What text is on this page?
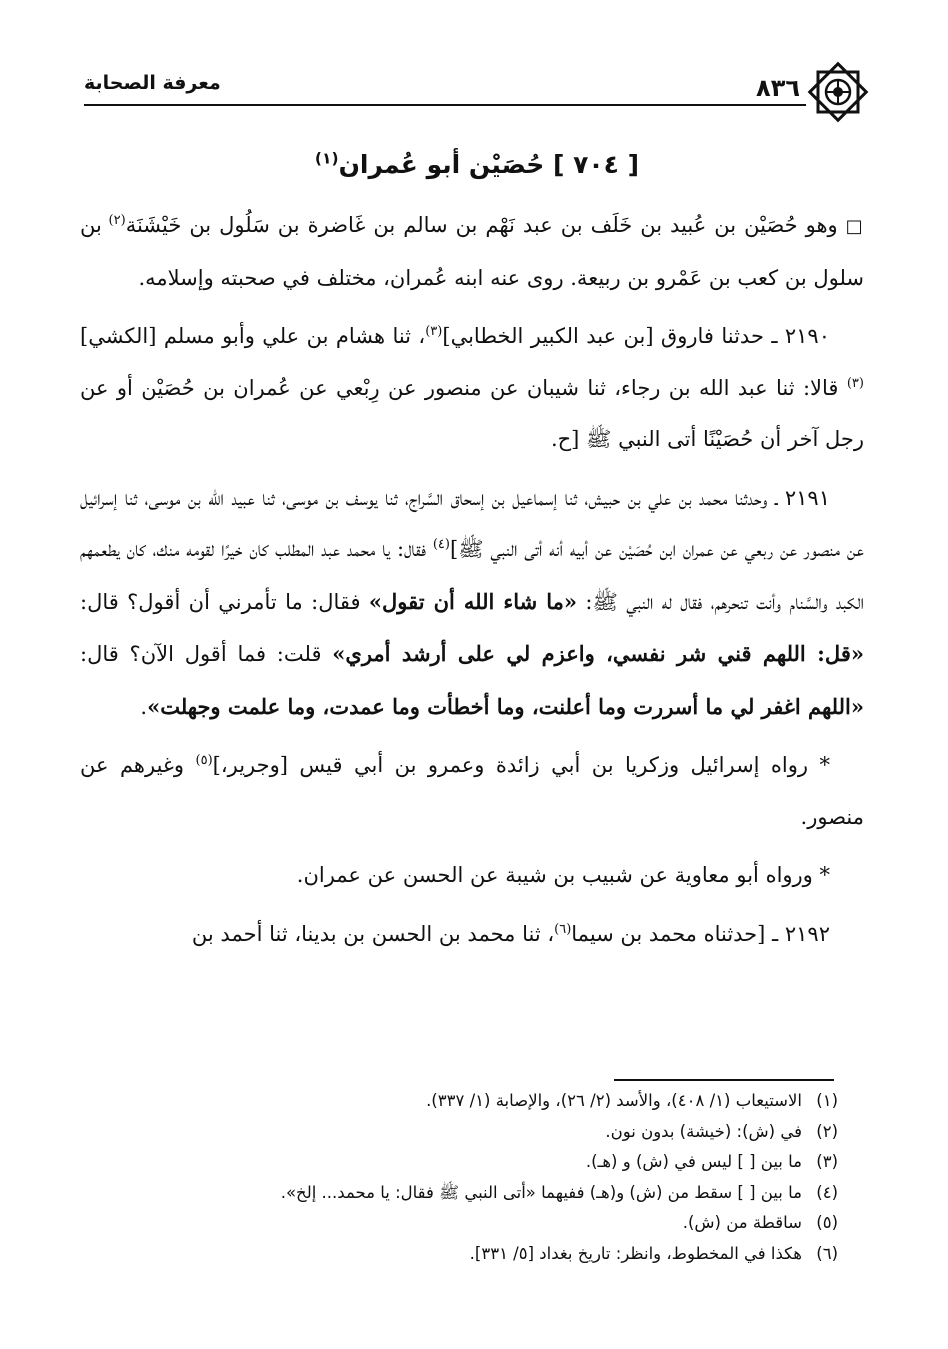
٨٣٦
معرفة الصحابة
[ ٧٠٤ ] حُصَيْن أبو عُمران$^{(١)}$

□ وهو حُصَيْن بن عُبيد بن خَلَف بن عبد نَهْم بن سالم بن غَاضرة بن سَلُول بن خَيْشَنَة$^{(٢)}$ بن سلول بن كعب بن عَمْرو بن ربيعة. روى عنه ابنه عُمران، مختلف في صحبته وإسلامه.

٢١٩٠ ـ حدثنا فاروق [بن عبد الكبير الخطابي]$^{(٣)}$، ثنا هشام بن علي وأبو مسلم [الكشي]$^{(٣)}$ قالا: ثنا عبد الله بن رجاء، ثنا شيبان عن منصور عن رِبْعي عن عُمران بن حُصَيْن أو عن رجل آخر أن حُصَيْنًا أتى النبي ﷺ [ح.

٢١٩١ ـ وحدثنا محمد بن علي بن حبيش، ثنا إسماعيل بن إسحاق السَّراج، ثنا يوسف بن موسى، ثنا عبيد الله بن موسى، ثنا إسرائيل عن منصور عن ربعي عن عمران ابن حُصَيْن عن أبيه أنه أتى النبي ﷺ]$^{(٤)}$ فقال: يا محمد عبد المطلب كان خيرًا لقومه منك، كان يطعمهم الكبد والسَّنام وأنت تنحرهم، فقال له النبي ﷺ: «ما شاء الله أن تقول» فقال: ما تأمرني أن أقول؟ قال: «قل: اللهم قني شر نفسي، واعزم لي على أرشد أمري» قلت: فما أقول الآن؟ قال: «اللهم اغفر لي ما أسررت وما أعلنت، وما أخطأت وما عمدت، وما علمت وجهلت».

* رواه إسرائيل وزكريا بن أبي زائدة وعمرو بن أبي قيس [وجرير،]$^{(٥)}$ وغيرهم عن منصور.

* ورواه أبو معاوية عن شبيب بن شيبة عن الحسن عن عمران.

٢١٩٢ ـ [حدثناه محمد بن سيما$^{(٦)}$، ثنا محمد بن الحسن بن بدينا، ثنا أحمد بن

(١)
الاستيعاب (١/ ٤٠٨)، والأسد (٢/ ٢٦)، والإصابة (١/ ٣٣٧).
(٢)
في (ش): (خيشة) بدون نون.
(٣)
ما بين [ ] ليس في (ش) و (هـ).
(٤)
ما بين [ ] سقط من (ش) و(هـ) ففيهما «أتى النبي ﷺ فقال: يا محمد... إلخ».
(٥)
ساقطة من (ش).
(٦)
هكذا في المخطوط، وانظر: تاريخ بغداد [٥/ ٣٣١].
